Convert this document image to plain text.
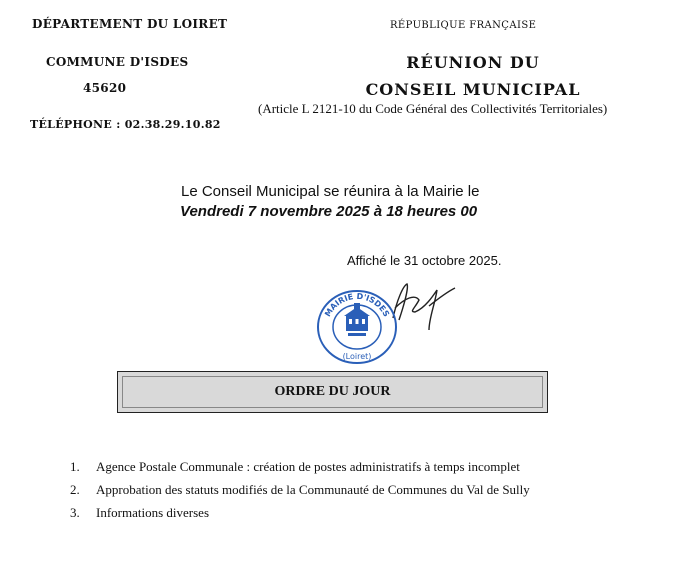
DÉPARTEMENT DU LOIRET
COMMUNE D'ISDES
45620
TÉLÉPHONE : 02.38.29.10.82
RÉPUBLIQUE FRANÇAISE
RÉUNION DU
CONSEIL MUNICIPAL
(Article L 2121-10 du Code Général des Collectivités Territoriales)
Le Conseil Municipal se réunira à la Mairie le
Vendredi 7 novembre 2025 à 18 heures 00
Affiché le 31 octobre 2025.
MAIRIE D'ISDES
(Loiret)
ORDRE DU JOUR
1.	Agence Postale Communale : création de postes administratifs à temps incomplet
2.	Approbation des statuts modifiés de la Communauté de Communes du Val de Sully
3.	Informations diverses
